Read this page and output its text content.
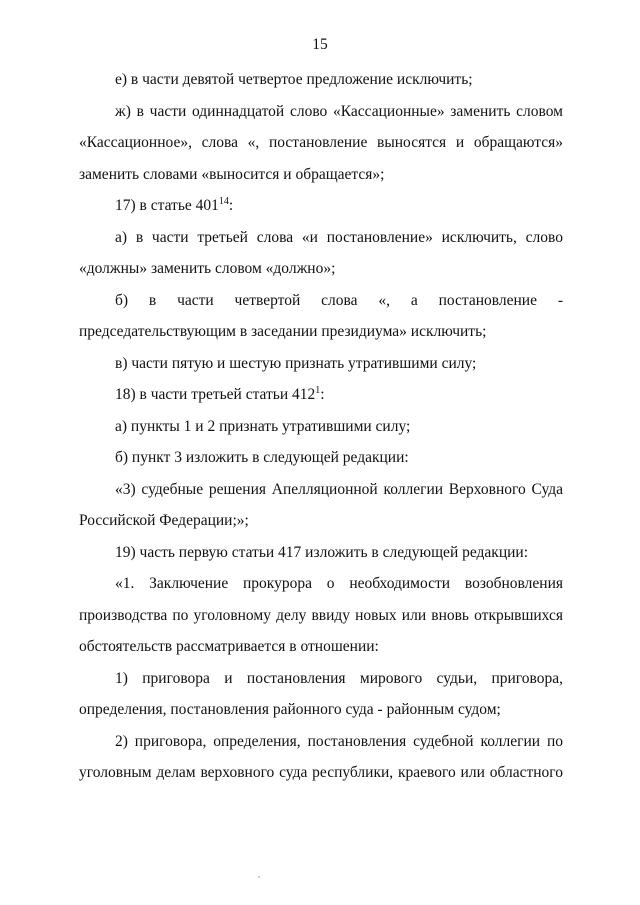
15
е) в части девятой четвертое предложение исключить;
ж) в части одиннадцатой слово «Кассационные» заменить словом
«Кассационное», слова «, постановление выносятся и обращаются»
заменить словами «выносится и обращается»;
17) в статье $401^{14}$:
а) в части третьей слова «и постановление» исключить, слово
«должны» заменить словом «должно»;
б) в части четвертой слова «, а постановление -
председательствующим в заседании президиума» исключить;
в) части пятую и шестую признать утратившими силу;
18) в части третьей статьи $412^1$:
а) пункты 1 и 2 признать утратившими силу;
б) пункт 3 изложить в следующей редакции:
«3) судебные решения Апелляционной коллегии Верховного Суда
Российской Федерации;»;
19) часть первую статьи 417 изложить в следующей редакции:
«1. Заключение прокурора о необходимости возобновления
производства по уголовному делу ввиду новых или вновь открывшихся
обстоятельств рассматривается в отношении:
1) приговора и постановления мирового судьи, приговора,
определения, постановления районного суда - районным судом;
2) приговора, определения, постановления судебной коллегии по
уголовным делам верховного суда республики, краевого или областного
